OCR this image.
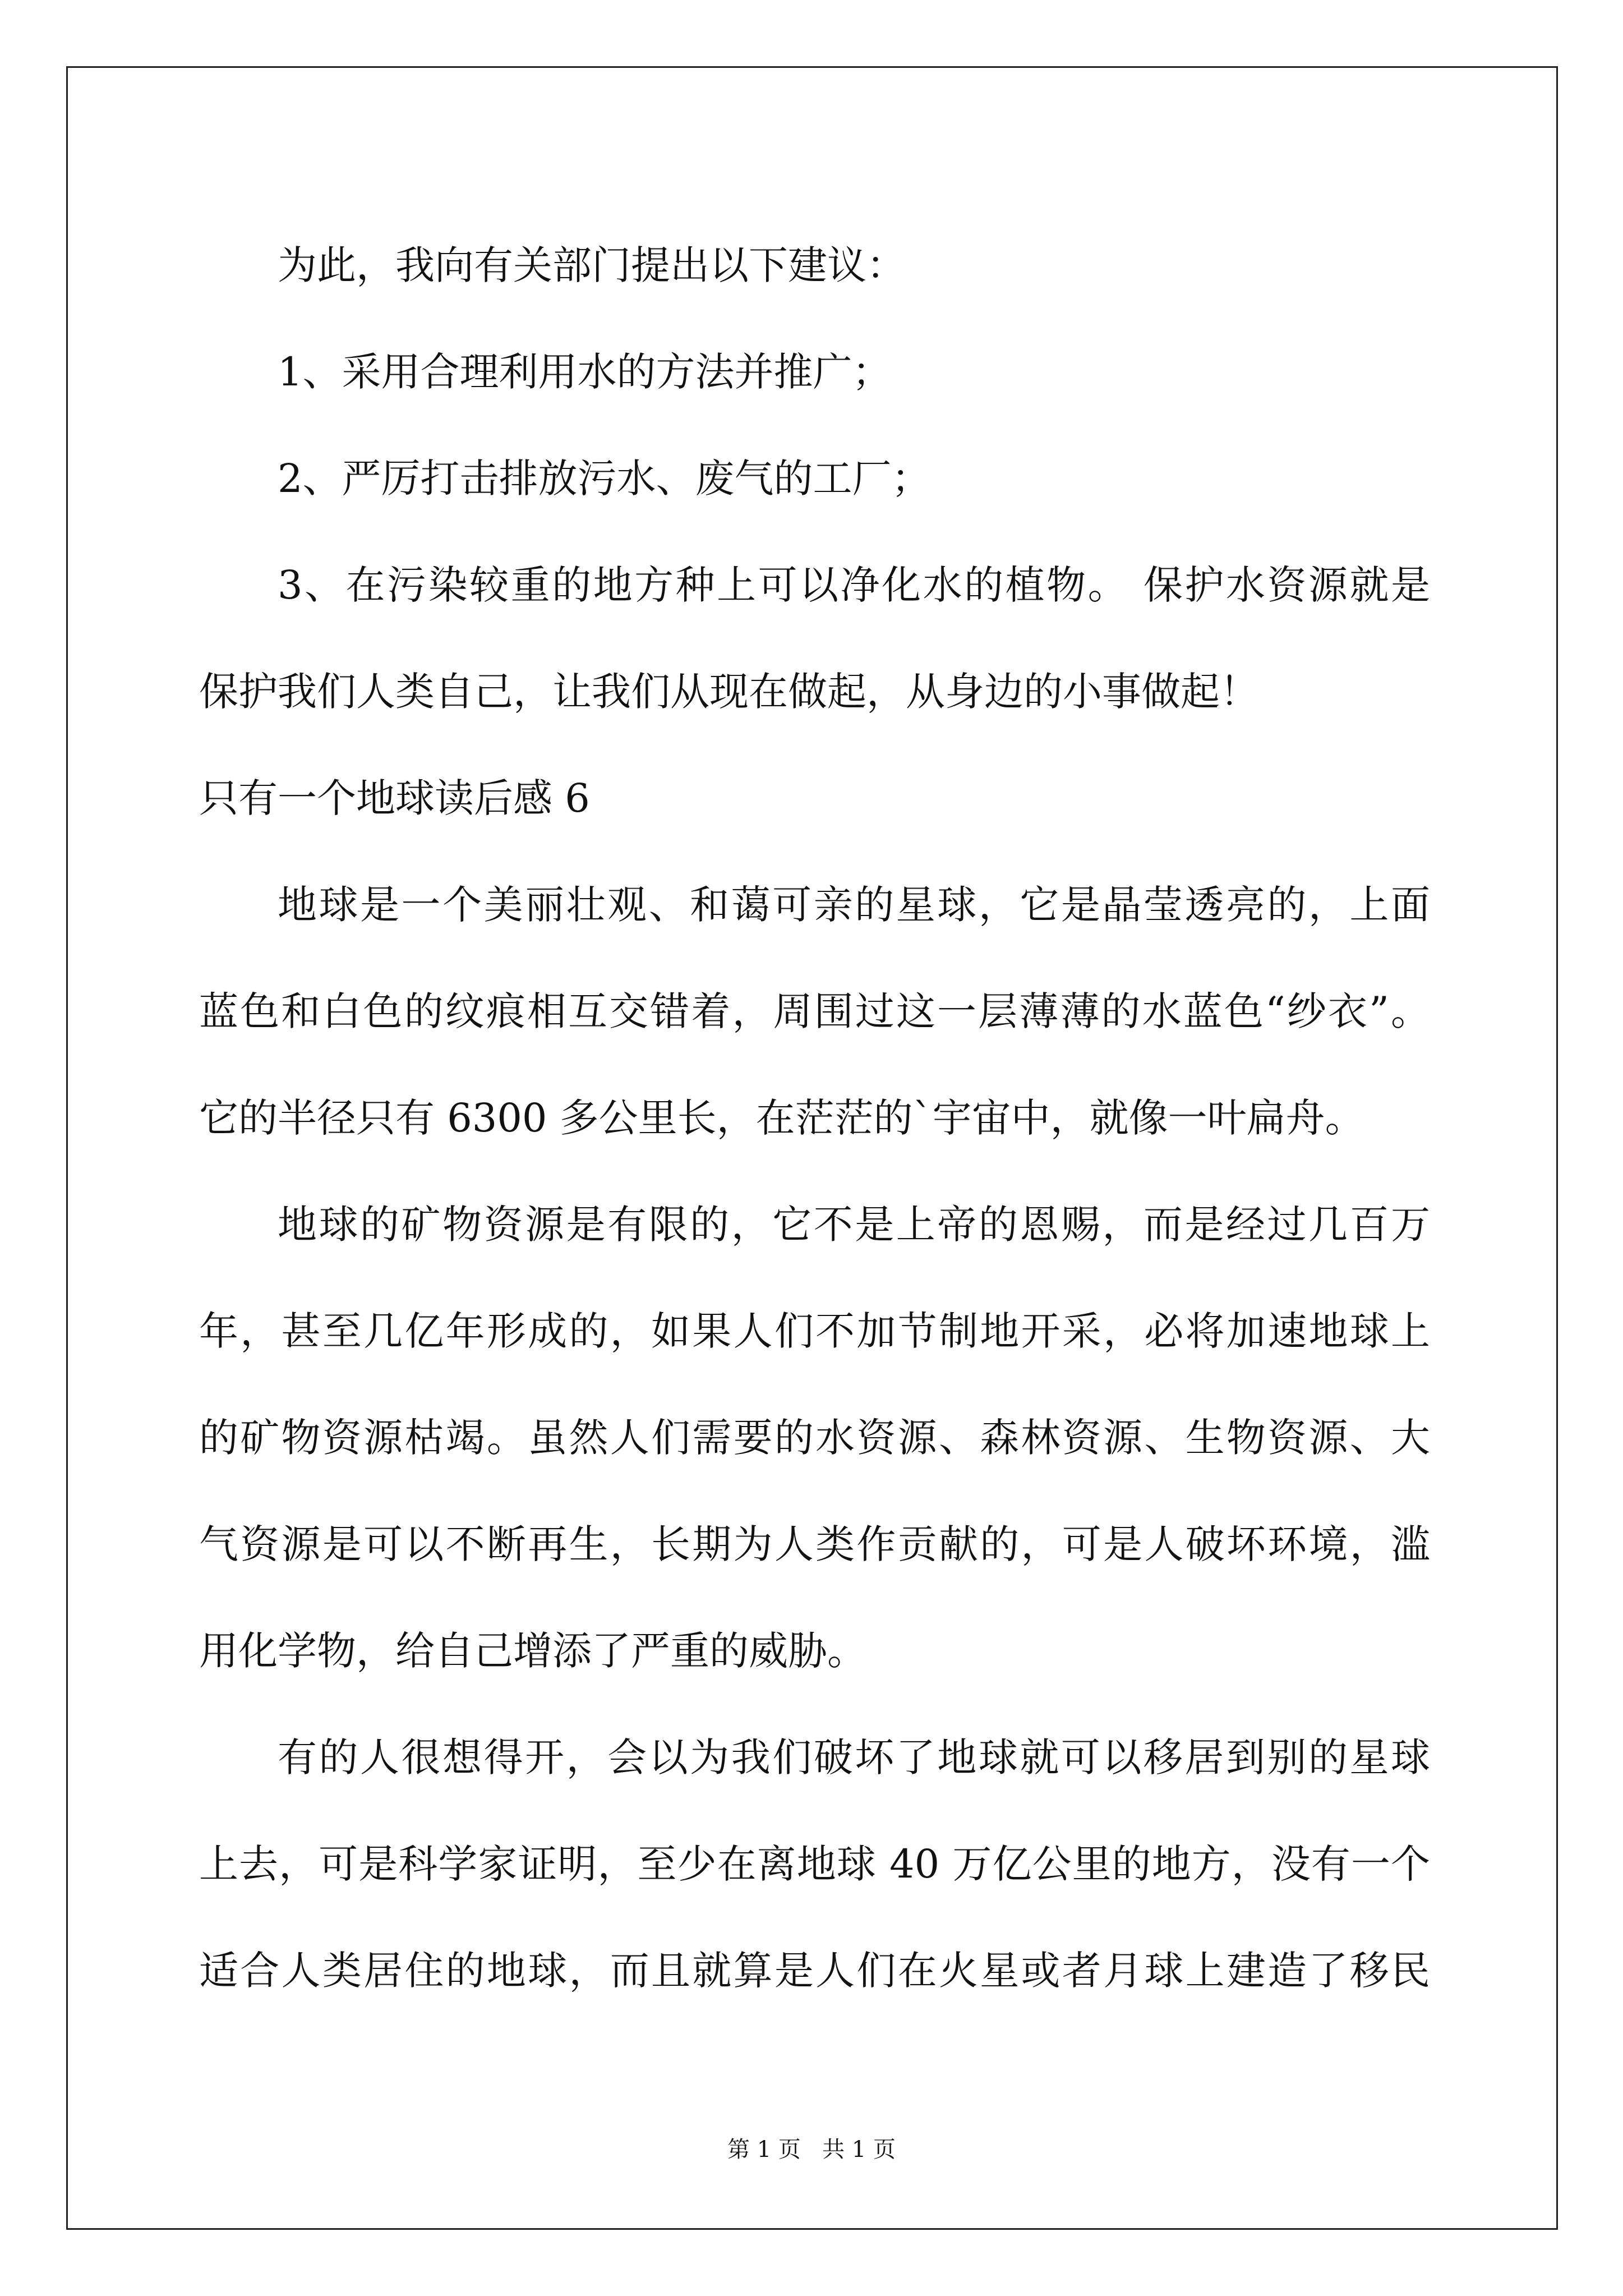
为此，我向有关部门提出以下建议：
1、采用合理利用水的方法并推广；
2、严厉打击排放污水、废气的工厂；
3、在污染较重的地方种上可以净化水的植物。 保护水资源就是
保护我们人类自己，让我们从现在做起，从身边的小事做起！
只有一个地球读后感 6
地球是一个美丽壮观、和蔼可亲的星球，它是晶莹透亮的，上面
蓝色和白色的纹痕相互交错着，周围过这一层薄薄的水蓝色“纱衣”。
它的半径只有 6300 多公里长，在茫茫的`宇宙中，就像一叶扁舟。
地球的矿物资源是有限的，它不是上帝的恩赐，而是经过几百万
年，甚至几亿年形成的，如果人们不加节制地开采，必将加速地球上
的矿物资源枯竭。虽然人们需要的水资源、森林资源、生物资源、大
气资源是可以不断再生，长期为人类作贡献的，可是人破坏环境，滥
用化学物，给自己增添了严重的威胁。
有的人很想得开，会以为我们破坏了地球就可以移居到别的星球
上去，可是科学家证明，至少在离地球 40 万亿公里的地方，没有一个
适合人类居住的地球，而且就算是人们在火星或者月球上建造了移民
第 1 页   共 1 页
